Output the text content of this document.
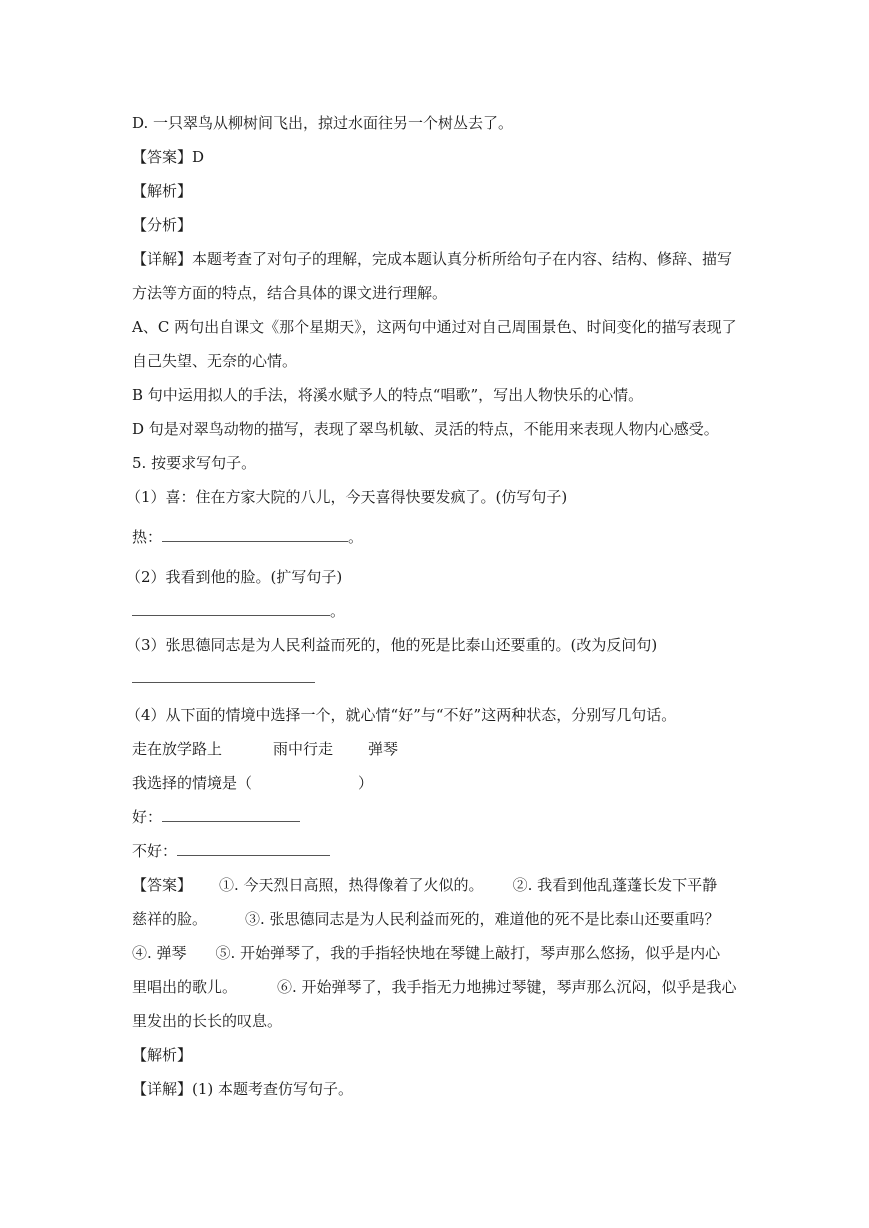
D. 一只翠鸟从柳树间飞出，掠过水面往另一个树丛去了。
【答案】D
【解析】
【分析】
【详解】本题考查了对句子的理解，完成本题认真分析所给句子在内容、结构、修辞、描写
方法等方面的特点，结合具体的课文进行理解。
A、C 两句出自课文《那个星期天》，这两句中通过对自己周围景色、时间变化的描写表现了
自己失望、无奈的心情。
B 句中运用拟人的手法，将溪水赋予人的特点“唱歌”，写出人物快乐的心情。
D 句是对翠鸟动物的描写，表现了翠鸟机敏、灵活的特点，不能用来表现人物内心感受。
5. 按要求写句子。
（1）喜：住在方家大院的八儿，今天喜得快要发疯了。(仿写句子)
热：	。
（2）我看到他的脸。(扩写句子)
。
（3）张思德同志是为人民利益而死的，他的死是比泰山还要重的。(改为反问句)
（4）从下面的情境中选择一个，就心情“好”与“不好”这两种状态，分别写几句话。
走在放学路上	雨中行走 弹琴
我选择的情境是（	）
好：
不好：
【答案】 ①. 今天烈日高照，热得像着了火似的。 ②. 我看到他乱蓬蓬长发下平静
慈祥的脸。	③. 张思德同志是为人民利益而死的，难道他的死不是比泰山还要重吗？
④. 弹琴 ⑤. 开始弹琴了，我的手指轻快地在琴键上敲打，琴声那么悠扬，似乎是内心
里唱出的歌儿。	⑥. 开始弹琴了，我手指无力地拂过琴键，琴声那么沉闷，似乎是我心
里发出的长长的叹息。
【解析】
【详解】(1) 本题考查仿写句子。
